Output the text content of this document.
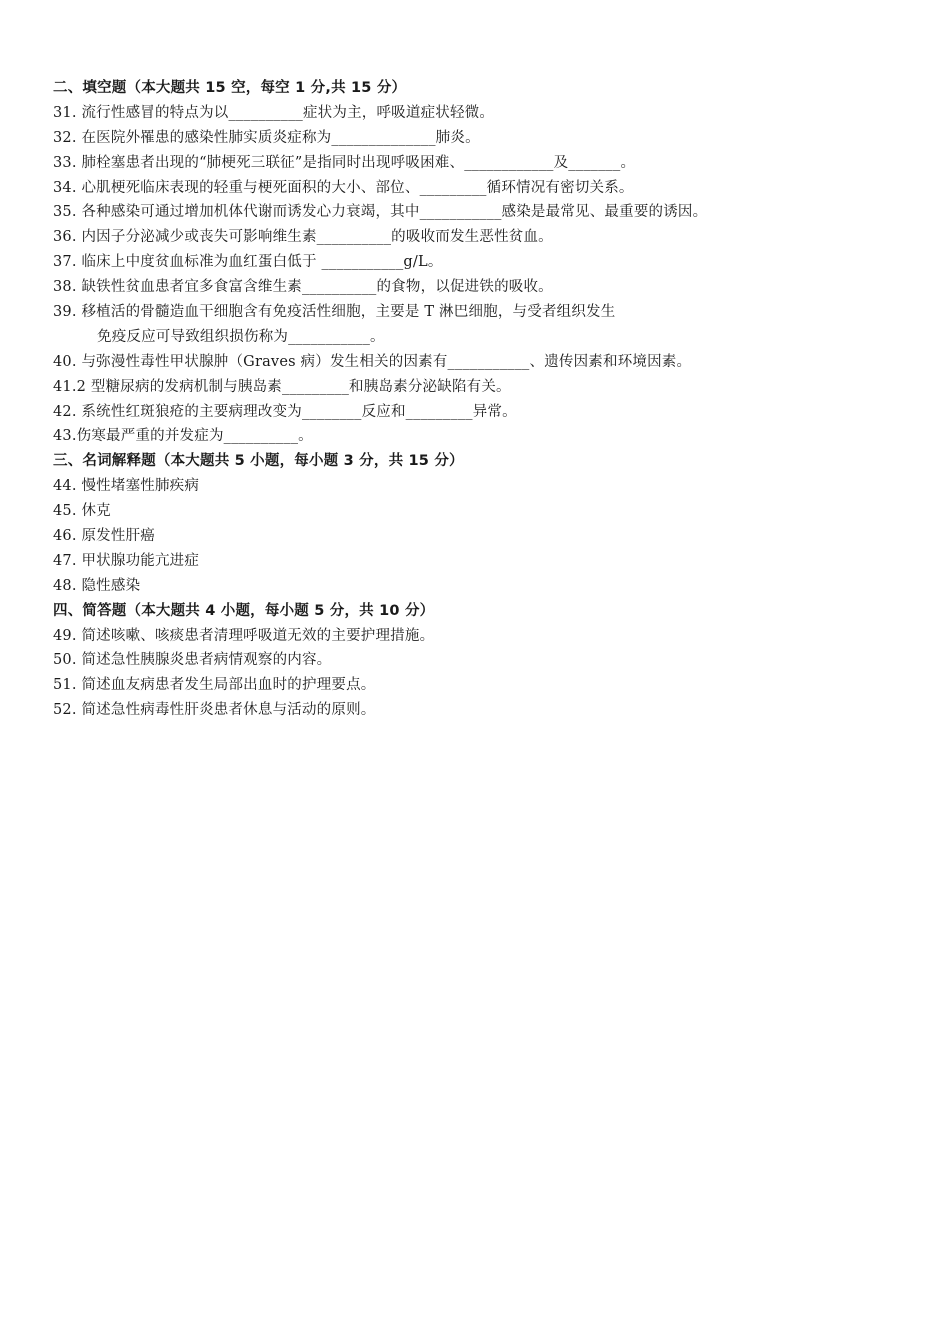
二、填空题（本大题共 15 空，每空 1 分,共 15 分）
31. 流行性感冒的特点为以__________症状为主，呼吸道症状轻微。
32. 在医院外罹患的感染性肺实质炎症称为______________肺炎。
33. 肺栓塞患者出现的“肺梗死三联征”是指同时出现呼吸困难、____________及_______。
34. 心肌梗死临床表现的轻重与梗死面积的大小、部位、_________循环情况有密切关系。
35. 各种感染可通过增加机体代谢而诱发心力衰竭，其中___________感染是最常见、最重要的诱因。
36. 内因子分泌减少或丧失可影响维生素__________的吸收而发生恶性贫血。
37. 临床上中度贫血标准为血红蛋白低于 ___________g/L。
38. 缺铁性贫血患者宜多食富含维生素__________的食物，以促进铁的吸收。
39. 移植活的骨髓造血干细胞含有免疫活性细胞，主要是 T 淋巴细胞，与受者组织发生
免疫反应可导致组织损伤称为___________。
40. 与弥漫性毒性甲状腺肿（Graves 病）发生相关的因素有___________、遗传因素和环境因素。
41.2 型糖尿病的发病机制与胰岛素_________和胰岛素分泌缺陷有关。
42. 系统性红斑狼疮的主要病理改变为________反应和_________异常。
43.伤寒最严重的并发症为__________。
三、名词解释题（本大题共 5 小题，每小题 3 分，共 15 分）
44. 慢性堵塞性肺疾病
45. 休克
46. 原发性肝癌
47. 甲状腺功能亢进症
48. 隐性感染
四、简答题（本大题共 4 小题，每小题 5 分，共 10 分）
49. 简述咳嗽、咳痰患者清理呼吸道无效的主要护理措施。
50. 简述急性胰腺炎患者病情观察的内容。
51. 简述血友病患者发生局部出血时的护理要点。
52. 简述急性病毒性肝炎患者休息与活动的原则。
